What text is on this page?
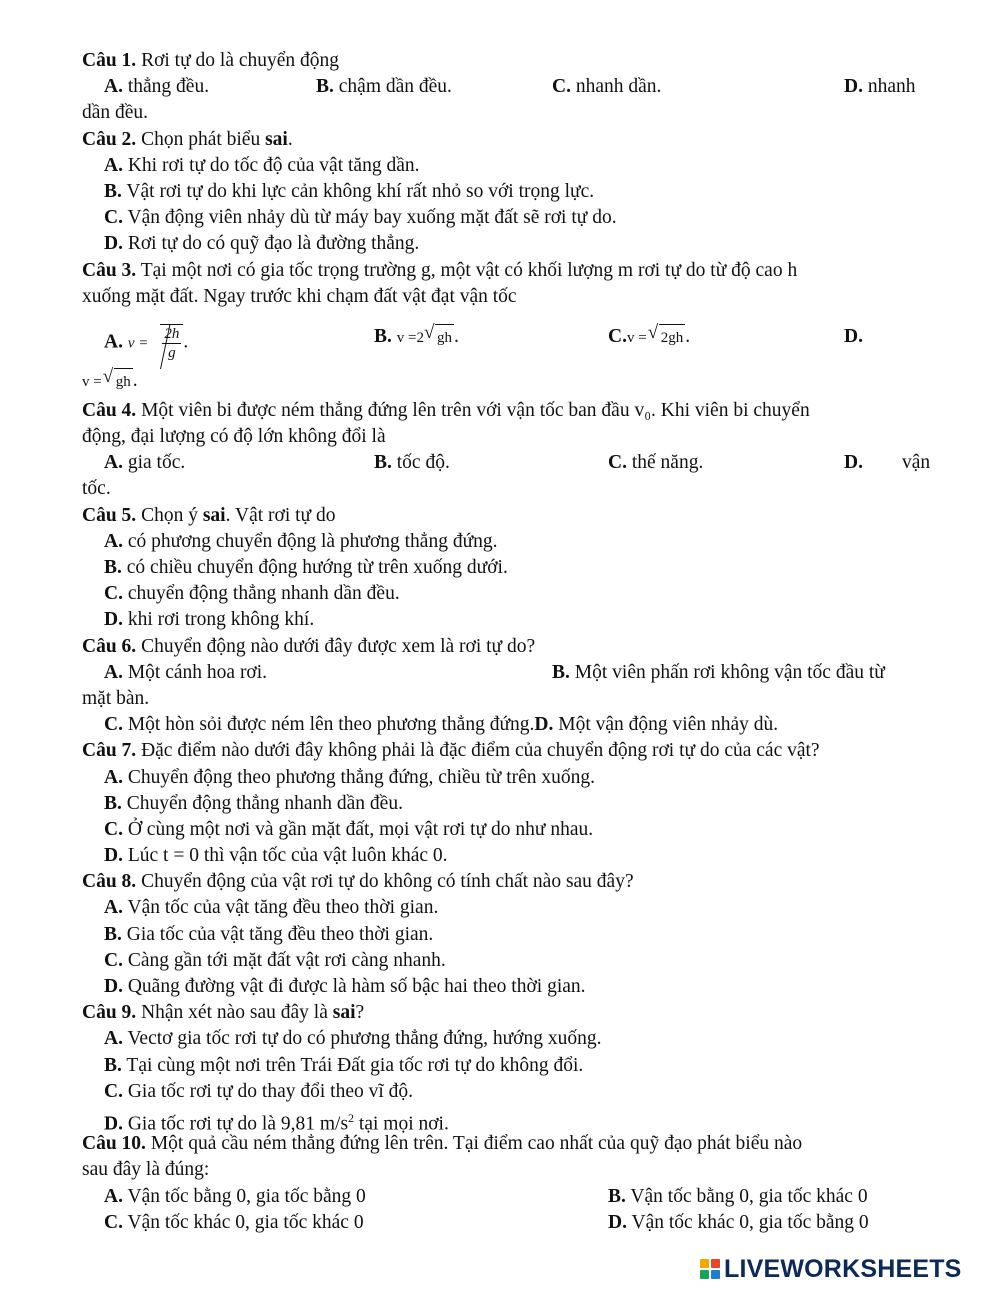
Câu 1. Rơi tự do là chuyển động
A. thẳng đều.	B. chậm dần đều.	C. nhanh dần.	D. nhanh
dần đều.
Câu 2. Chọn phát biểu sai.
A. Khi rơi tự do tốc độ của vật tăng dần.
B. Vật rơi tự do khi lực cản không khí rất nhỏ so với trọng lực.
C. Vận động viên nhảy dù từ máy bay xuống mặt đất sẽ rơi tự do.
D. Rơi tự do có quỹ đạo là đường thẳng.
Câu 3. Tại một nơi có gia tốc trọng trường g, một vật có khối lượng m rơi tự do từ độ cao h
xuống mặt đất. Ngay trước khi chạm đất vật đạt vận tốc
A. $v = \frac{2h}{g}$ .	B. v =2 √ gh .	C.v = √ 2gh .	D.
v = √ gh .
Câu 4. Một viên bi được ném thẳng đứng lên trên với vận tốc ban đầu v₀. Khi viên bi chuyển
động, đại lượng có độ lớn không đổi là
A. gia tốc.	B. tốc độ.	C. thế năng.	D. vận
tốc.
Câu 5. Chọn ý sai. Vật rơi tự do
A. có phương chuyển động là phương thẳng đứng.
B. có chiều chuyển động hướng từ trên xuống dưới.
C. chuyển động thẳng nhanh dần đều.
D. khi rơi trong không khí.
Câu 6. Chuyển động nào dưới đây được xem là rơi tự do?
A. Một cánh hoa rơi.	B. Một viên phấn rơi không vận tốc đầu từ
mặt bàn.
C. Một hòn sỏi được ném lên theo phương thẳng đứng.D. Một vận động viên nhảy dù.
Câu 7. Đặc điểm nào dưới đây không phải là đặc điểm của chuyển động rơi tự do của các vật?
A. Chuyển động theo phương thẳng đứng, chiều từ trên xuống.
B. Chuyển động thẳng nhanh dần đều.
C. Ở cùng một nơi và gần mặt đất, mọi vật rơi tự do như nhau.
D. Lúc t = 0 thì vận tốc của vật luôn khác 0.
Câu 8. Chuyển động của vật rơi tự do không có tính chất nào sau đây?
A. Vận tốc của vật tăng đều theo thời gian.
B. Gia tốc của vật tăng đều theo thời gian.
C. Càng gần tới mặt đất vật rơi càng nhanh.
D. Quãng đường vật đi được là hàm số bậc hai theo thời gian.
Câu 9. Nhận xét nào sau đây là sai?
A. Vectơ gia tốc rơi tự do có phương thẳng đứng, hướng xuống.
B. Tại cùng một nơi trên Trái Đất gia tốc rơi tự do không đổi.
C. Gia tốc rơi tự do thay đổi theo vĩ độ.
D. Gia tốc rơi tự do là 9,81 $m/s^2$ tại mọi nơi.
Câu 10. Một quả cầu ném thẳng đứng lên trên. Tại điểm cao nhất của quỹ đạo phát biểu nào
sau đây là đúng:
A. Vận tốc bằng 0, gia tốc bằng 0	B. Vận tốc bằng 0, gia tốc khác 0
C. Vận tốc khác 0, gia tốc khác 0	D. Vận tốc khác 0, gia tốc bằng 0
LIVEWORKSHEETS
